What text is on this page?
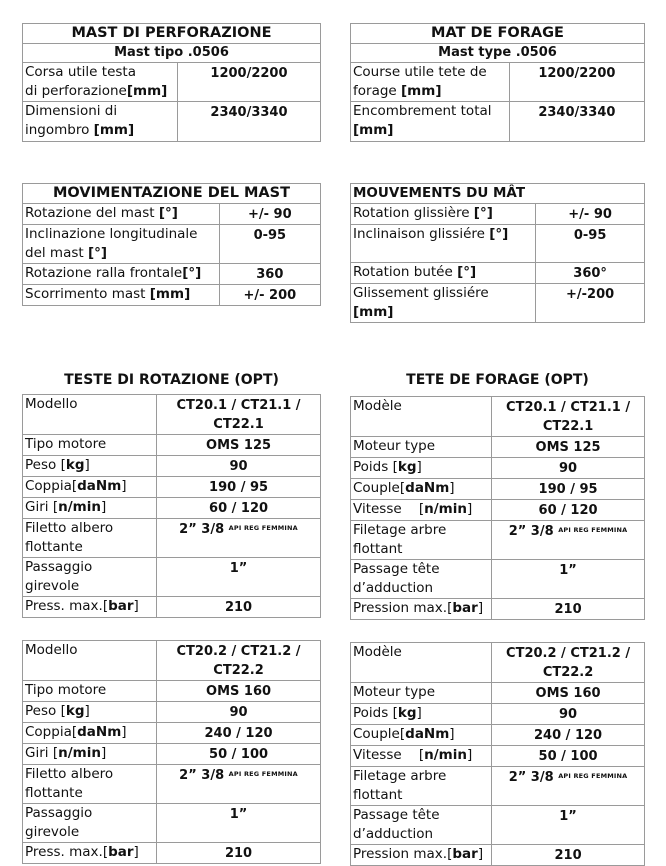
MAST DI PERFORAZIONE	
Mast tipo .0506	
Corsa utile testa
di perforazione[mm]	1200/2200
Dimensioni di
ingombro [mm]	2340/3340
MAT DE FORAGE	
Mast type .0506	
Course utile tete de
forage [mm]	1200/2200
Encombrement total
[mm]	2340/3340
MOVIMENTAZIONE DEL MAST	
Rotazione del mast [°]	+/- 90
Inclinazione longitudinale
del mast [°]	0-95
Rotazione ralla frontale[°]	360
Scorrimento mast [mm]	+/- 200
MOUVEMENTS DU MÂT	
Rotation glissière [°]	+/- 90
Inclinaison glissiére [°]	0-95
Rotation butée [°]	360°
Glissement glissiére [mm]	+/-200
TESTE DI ROTAZIONE (OPT)	TETE DE FORAGE (OPT)
Modello	CT20.1 / CT21.1 / CT22.1
Tipo motore	OMS 125
Peso [kg]	90
Coppia[daNm]	190 / 95
Giri [n/min]	60 / 120
Filetto albero
flottante	2” 3/8 $^{API REG FEMMINA}$
Passaggio
girevole	1”
Press. max.[bar]	210
Modèle	CT20.1 / CT21.1 / CT22.1
Moteur type	OMS 125
Poids [kg]	90
Couple[daNm]	190 / 95
Vitesse    [n/min]	60 / 120
Filetage arbre
flottant	2” 3/8 $^{API REG FEMMINA}$
Passage tête
d’adduction	1”
Pression max.[bar]	210
Modello	CT20.2 / CT21.2 / CT22.2
Tipo motore	OMS 160
Peso [kg]	90
Coppia[daNm]	240 / 120
Giri [n/min]	50 / 100
Filetto albero
flottante	2” 3/8 $^{API REG FEMMINA}$
Passaggio
girevole	1”
Press. max.[bar]	210
Modèle	CT20.2 / CT21.2 / CT22.2
Moteur type	OMS 160
Poids [kg]	90
Couple[daNm]	240 / 120
Vitesse    [n/min]	50 / 100
Filetage arbre
flottant	2” 3/8 $^{API REG FEMMINA}$
Passage tête
d’adduction	1”
Pression max.[bar]	210
